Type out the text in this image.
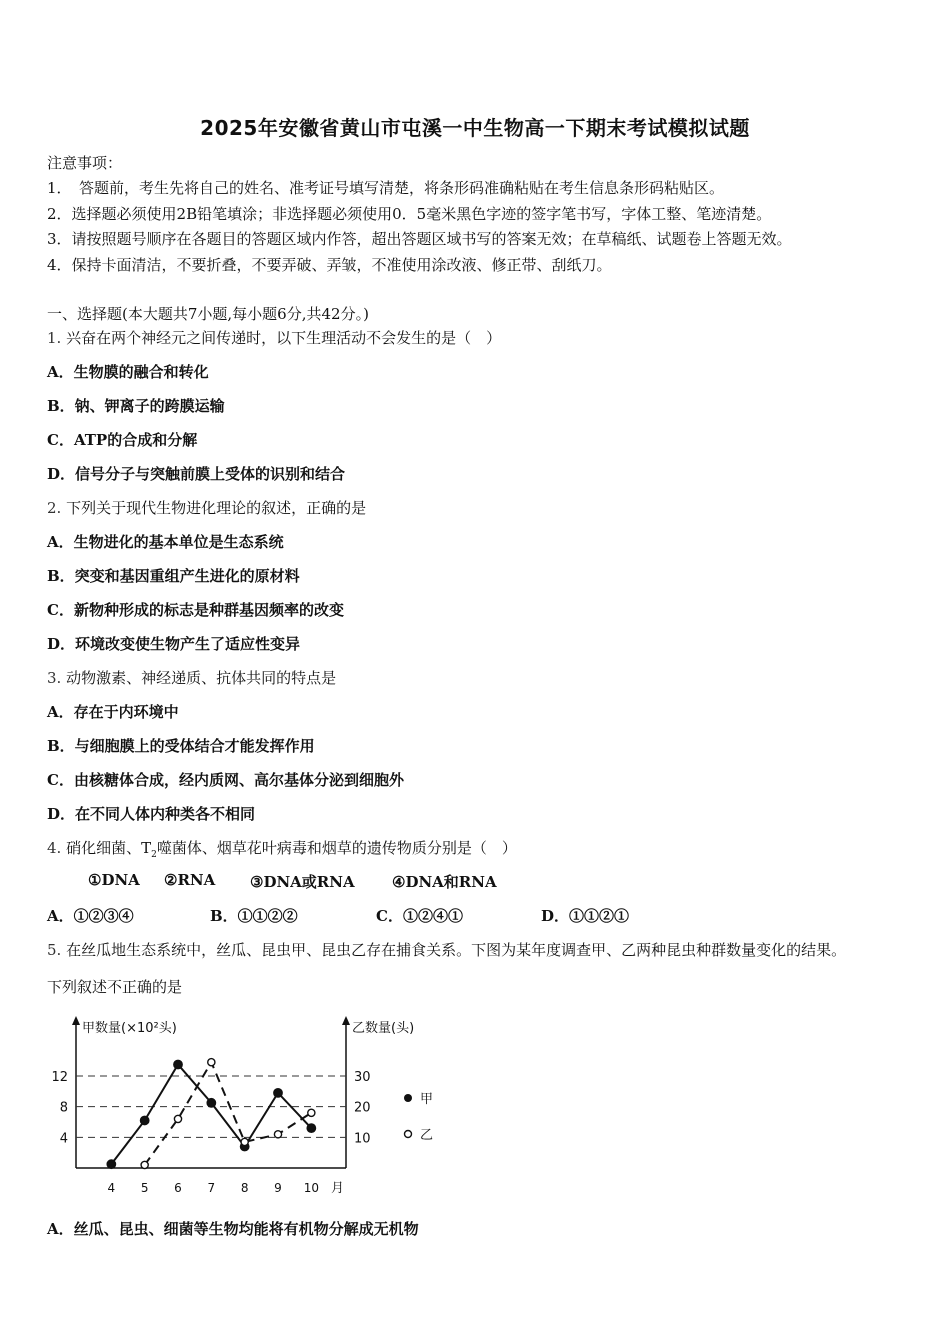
2025年安徽省黄山市屯溪一中生物高一下期末考试模拟试题
注意事项：
1．　答题前，考生先将自己的姓名、准考证号填写清楚，将条形码准确粘贴在考生信息条形码粘贴区。
2．选择题必须使用2B铅笔填涂；非选择题必须使用0．5毫米黑色字迹的签字笔书写，字体工整、笔迹清楚。
3．请按照题号顺序在各题目的答题区域内作答，超出答题区域书写的答案无效；在草稿纸、试题卷上答题无效。
4．保持卡面清洁，不要折叠，不要弄破、弄皱，不准使用涂改液、修正带、刮纸刀。
一、选择题(本大题共7小题,每小题6分,共42分。)
1. 兴奋在两个神经元之间传递时，以下生理活动不会发生的是（　）
A．生物膜的融合和转化
B．钠、钾离子的跨膜运输
C．ATP的合成和分解
D．信号分子与突触前膜上受体的识别和结合
2. 下列关于现代生物进化理论的叙述，正确的是
A．生物进化的基本单位是生态系统
B．突变和基因重组产生进化的原材料
C．新物种形成的标志是种群基因频率的改变
D．环境改变使生物产生了适应性变异
3. 动物激素、神经递质、抗体共同的特点是
A．存在于内环境中
B．与细胞膜上的受体结合才能发挥作用
C．由核糖体合成，经内质网、高尔基体分泌到细胞外
D．在不同人体内种类各不相同
4. 硝化细菌、$T_2$噬菌体、烟草花叶病毒和烟草的遗传物质分别是（　）
①DNA ②RNA ③DNA或RNA ④DNA和RNA
A．①②③④	B．①①②②	C．①②④①	D．①①②①
5. 在丝瓜地生态系统中，丝瓜、昆虫甲、昆虫乙存在捕食关系。下图为某年度调查甲、乙两种昆虫种群数量变化的结果。
下列叙述不正确的是
甲数量(×10²头)	乙数量(头)
4	10
8	20
12	30
4 5 6 7 8 9 10 月
甲
乙
A．丝瓜、昆虫、细菌等生物均能将有机物分解成无机物
